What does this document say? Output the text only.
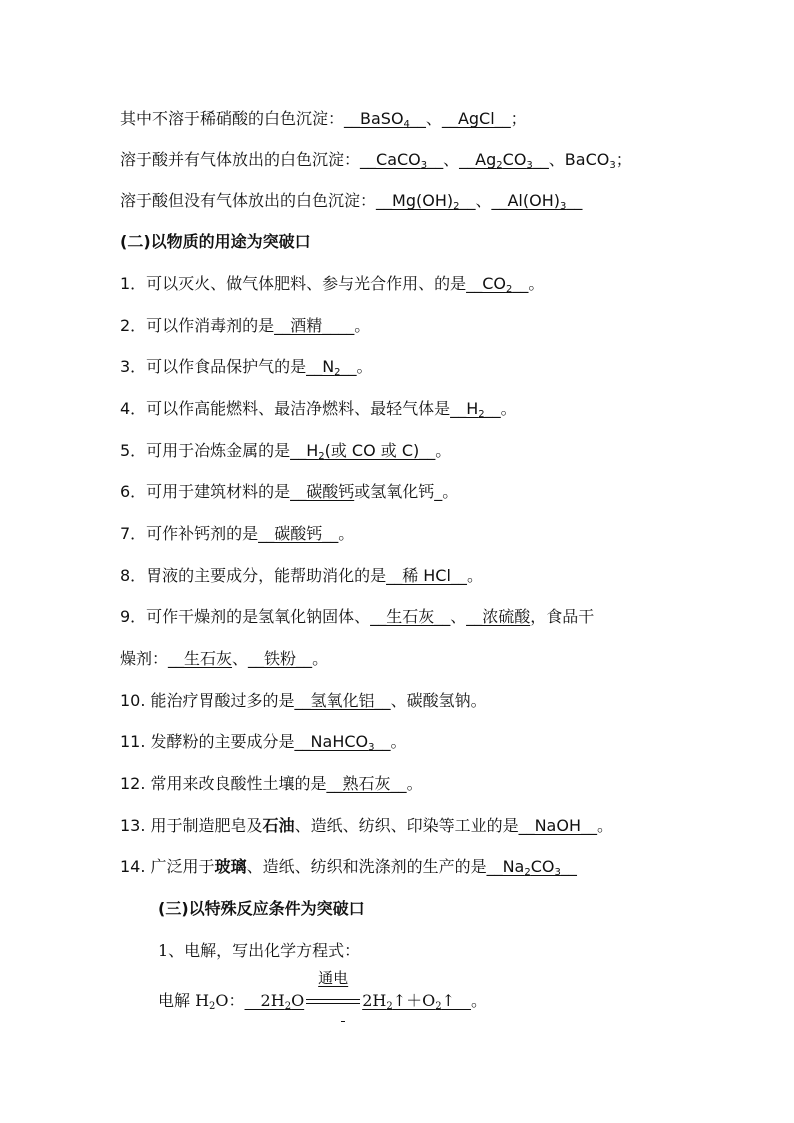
其中不溶于稀硝酸的白色沉淀：__BaSO$_4$__、__AgCl__；
溶于酸并有气体放出的白色沉淀：__CaCO$_3$__、$\_\_Ag_2CO_3\_\_$、BaCO$_3$；
溶于酸但没有气体放出的白色沉淀：$\_\_Mg(OH)_2\_\_$、$\_\_Al(OH)_3\_\_$
(二)以物质的用途为突破口
1．可以灭火、做气体肥料、参与光合作用、的是$\_\_CO_2\_\_$。
2．可以作消毒剂的是__酒精____。
3．可以作食品保护气的是$\_\_N_2\_\_$。
4．可以作高能燃料、最洁净燃料、最轻气体是$\_\_H_2\_\_$。
5．可用于冶炼金属的是$\_\_H_2$(或 CO 或 C)__。
6．可用于建筑材料的是__碳酸钙或氢氧化钙_。
7．可作补钙剂的是__碳酸钙__。
8．胃液的主要成分，能帮助消化的是__稀 HCl__。
9．可作干燥剂的是氢氧化钠固体、__生石灰__、__浓硫酸，食品干
燥剂：__生石灰、__铁粉__。
10. 能治疗胃酸过多的是__氢氧化铝__、碳酸氢钠。
11. 发酵粉的主要成分是__NaHCO$_3$__。
12. 常用来改良酸性土壤的是__熟石灰__。
13. 用于制造肥皂及石油、造纸、纺织、印染等工业的是__NaOH__。
14. 广泛用于玻璃、造纸、纺织和洗涤剂的生产的是$\_\_Na_2CO_3\_\_$
(三)以特殊反应条件为突破口
1、电解，写出化学方程式：
电解 $H_2O$：$\_\_2H_2O$
通电
$2H_2↑+O_2↑\_\_$。
